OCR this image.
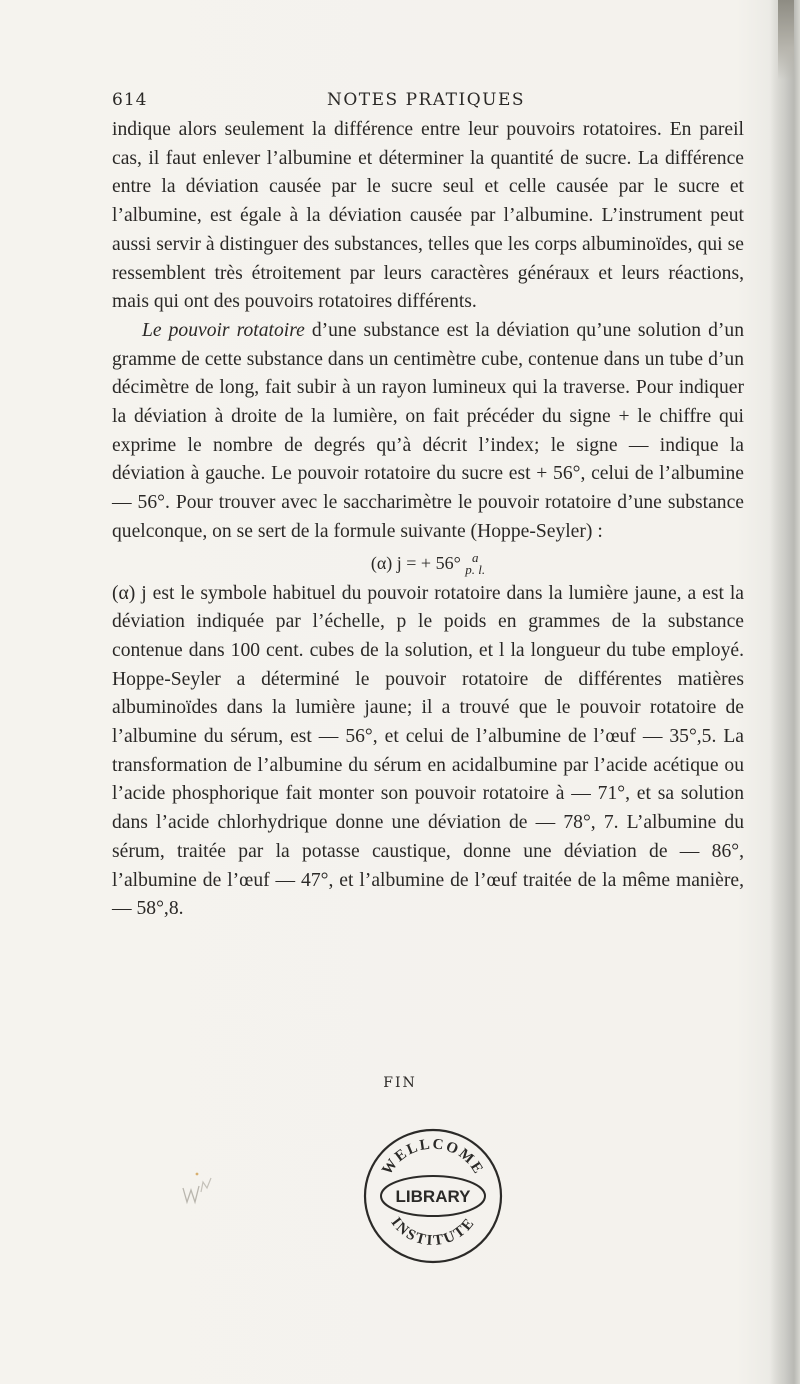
614	NOTES PRATIQUES

indique alors seulement la différence entre leur pouvoirs rotatoires. En pareil cas, il faut enlever l’albumine et déterminer la quantité de sucre. La différence entre la déviation causée par le sucre seul et celle causée par le sucre et l’albumine, est égale à la déviation causée par l’albumine. L’instrument peut aussi servir à distinguer des substances, telles que les corps albuminoïdes, qui se ressemblent très étroitement par leurs caractères généraux et leurs réactions, mais qui ont des pouvoirs rotatoires différents.

Le pouvoir rotatoire d’une substance est la déviation qu’une solution d’un gramme de cette substance dans un centimètre cube, contenue dans un tube d’un décimètre de long, fait subir à un rayon lumineux qui la traverse. Pour indiquer la déviation à droite de la lumière, on fait précéder du signe + le chiffre qui exprime le nombre de degrés qu’à décrit l’index; le signe — indique la déviation à gauche. Le pouvoir rotatoire du sucre est + 56°, celui de l’albumine — 56°. Pour trouver avec le saccharimètre le pouvoir rotatoire d’une substance quelconque, on se sert de la formule suivante (Hoppe-Seyler) :

(α) j = + 56° a
p. l.

(α) j est le symbole habituel du pouvoir rotatoire dans la lumière jaune, a est la déviation indiquée par l’échelle, p le poids en grammes de la substance contenue dans 100 cent. cubes de la solution, et l la longueur du tube employé. Hoppe-Seyler a déterminé le pouvoir rotatoire de différentes matières albuminoïdes dans la lumière jaune; il a trouvé que le pouvoir rotatoire de l’albumine du sérum, est — 56°, et celui de l’albumine de l’œuf — 35°,5. La transformation de l’albumine du sérum en acidalbumine par l’acide acétique ou l’acide phosphorique fait monter son pouvoir rotatoire à — 71°, et sa solution dans l’acide chlorhydrique donne une déviation de — 78°, 7. L’albumine du sérum, traitée par la potasse caustique, donne une déviation de — 86°, l’albumine de l’œuf — 47°, et l’albumine de l’œuf traitée de la même manière, — 58°,8.

FIN
WELLCOME
LIBRARY
INSTITUTE
